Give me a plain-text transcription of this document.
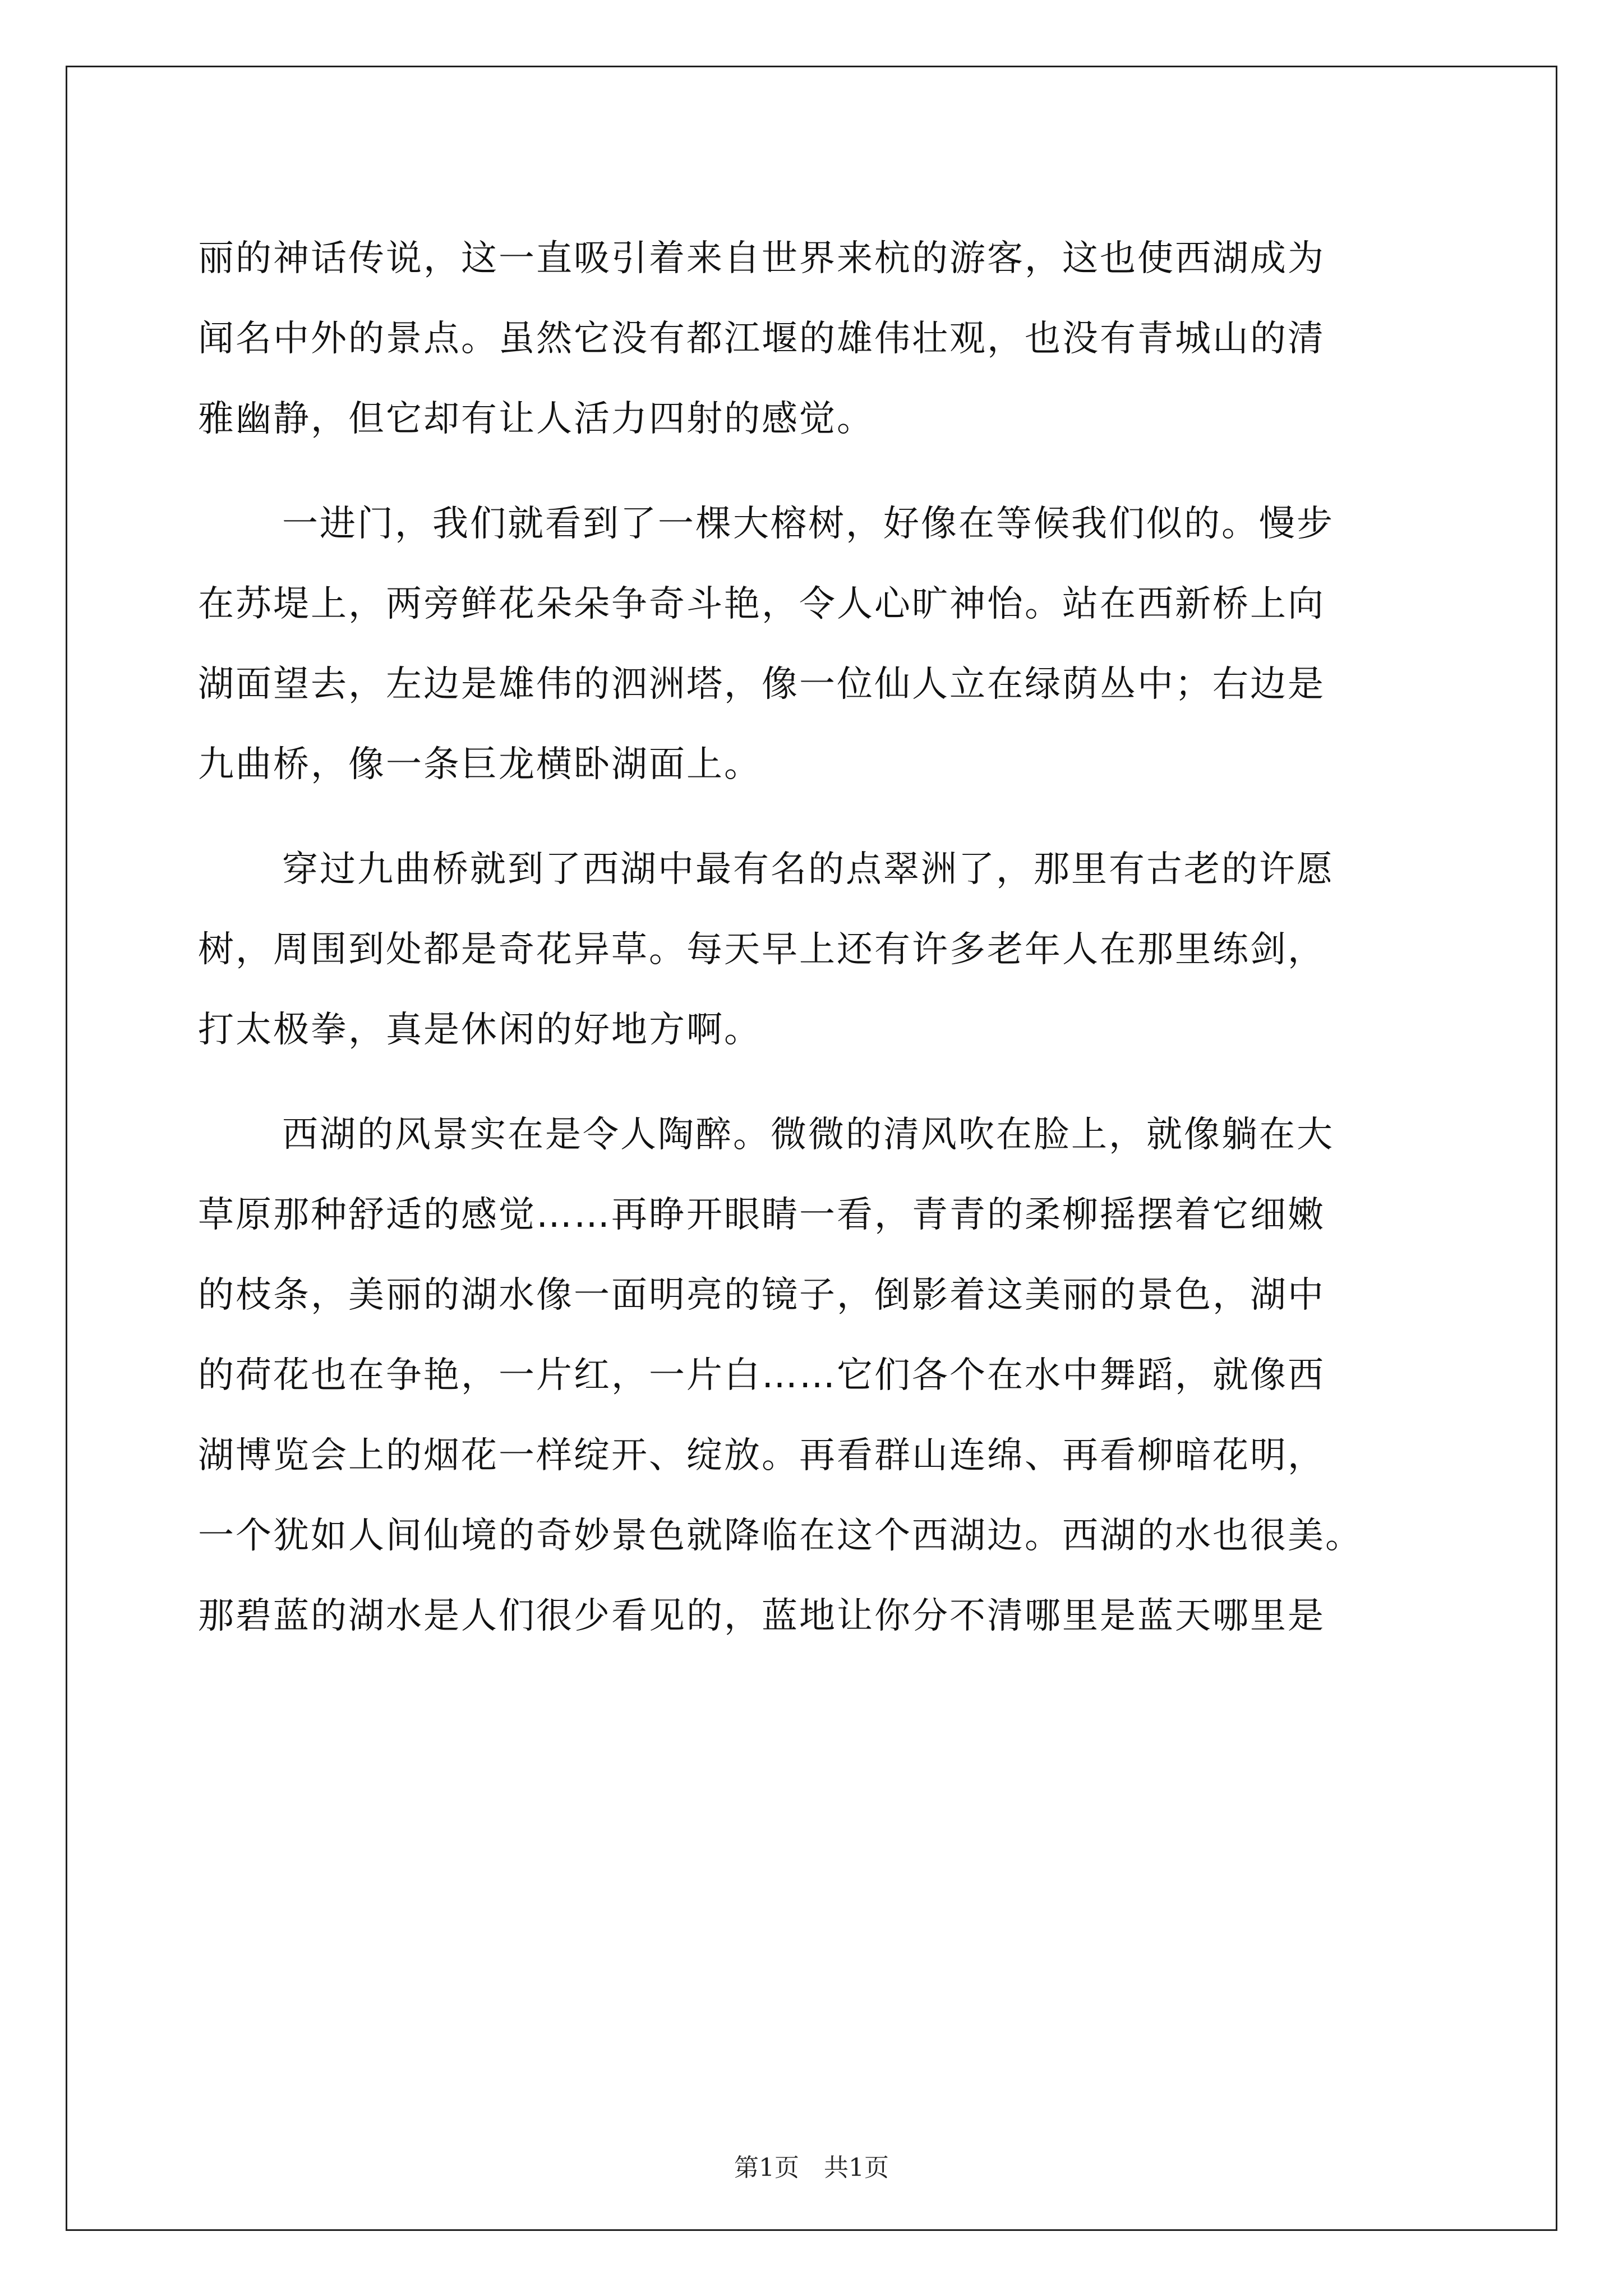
丽的神话传说，这一直吸引着来自世界来杭的游客，这也使西湖成为
闻名中外的景点。虽然它没有都江堰的雄伟壮观，也没有青城山的清
雅幽静，但它却有让人活力四射的感觉。
一进门，我们就看到了一棵大榕树，好像在等候我们似的。慢步
在苏堤上，两旁鲜花朵朵争奇斗艳，令人心旷神怡。站在西新桥上向
湖面望去，左边是雄伟的泗洲塔，像一位仙人立在绿荫丛中；右边是
九曲桥，像一条巨龙横卧湖面上。
穿过九曲桥就到了西湖中最有名的点翠洲了，那里有古老的许愿
树，周围到处都是奇花异草。每天早上还有许多老年人在那里练剑，
打太极拳，真是休闲的好地方啊。
西湖的风景实在是令人陶醉。微微的清风吹在脸上，就像躺在大
草原那种舒适的感觉……再睁开眼睛一看，青青的柔柳摇摆着它细嫩
的枝条，美丽的湖水像一面明亮的镜子，倒影着这美丽的景色，湖中
的荷花也在争艳，一片红，一片白……它们各个在水中舞蹈，就像西
湖博览会上的烟花一样绽开、绽放。再看群山连绵、再看柳暗花明，
一个犹如人间仙境的奇妙景色就降临在这个西湖边。西湖的水也很美。
那碧蓝的湖水是人们很少看见的，蓝地让你分不清哪里是蓝天哪里是
第1页　共1页
